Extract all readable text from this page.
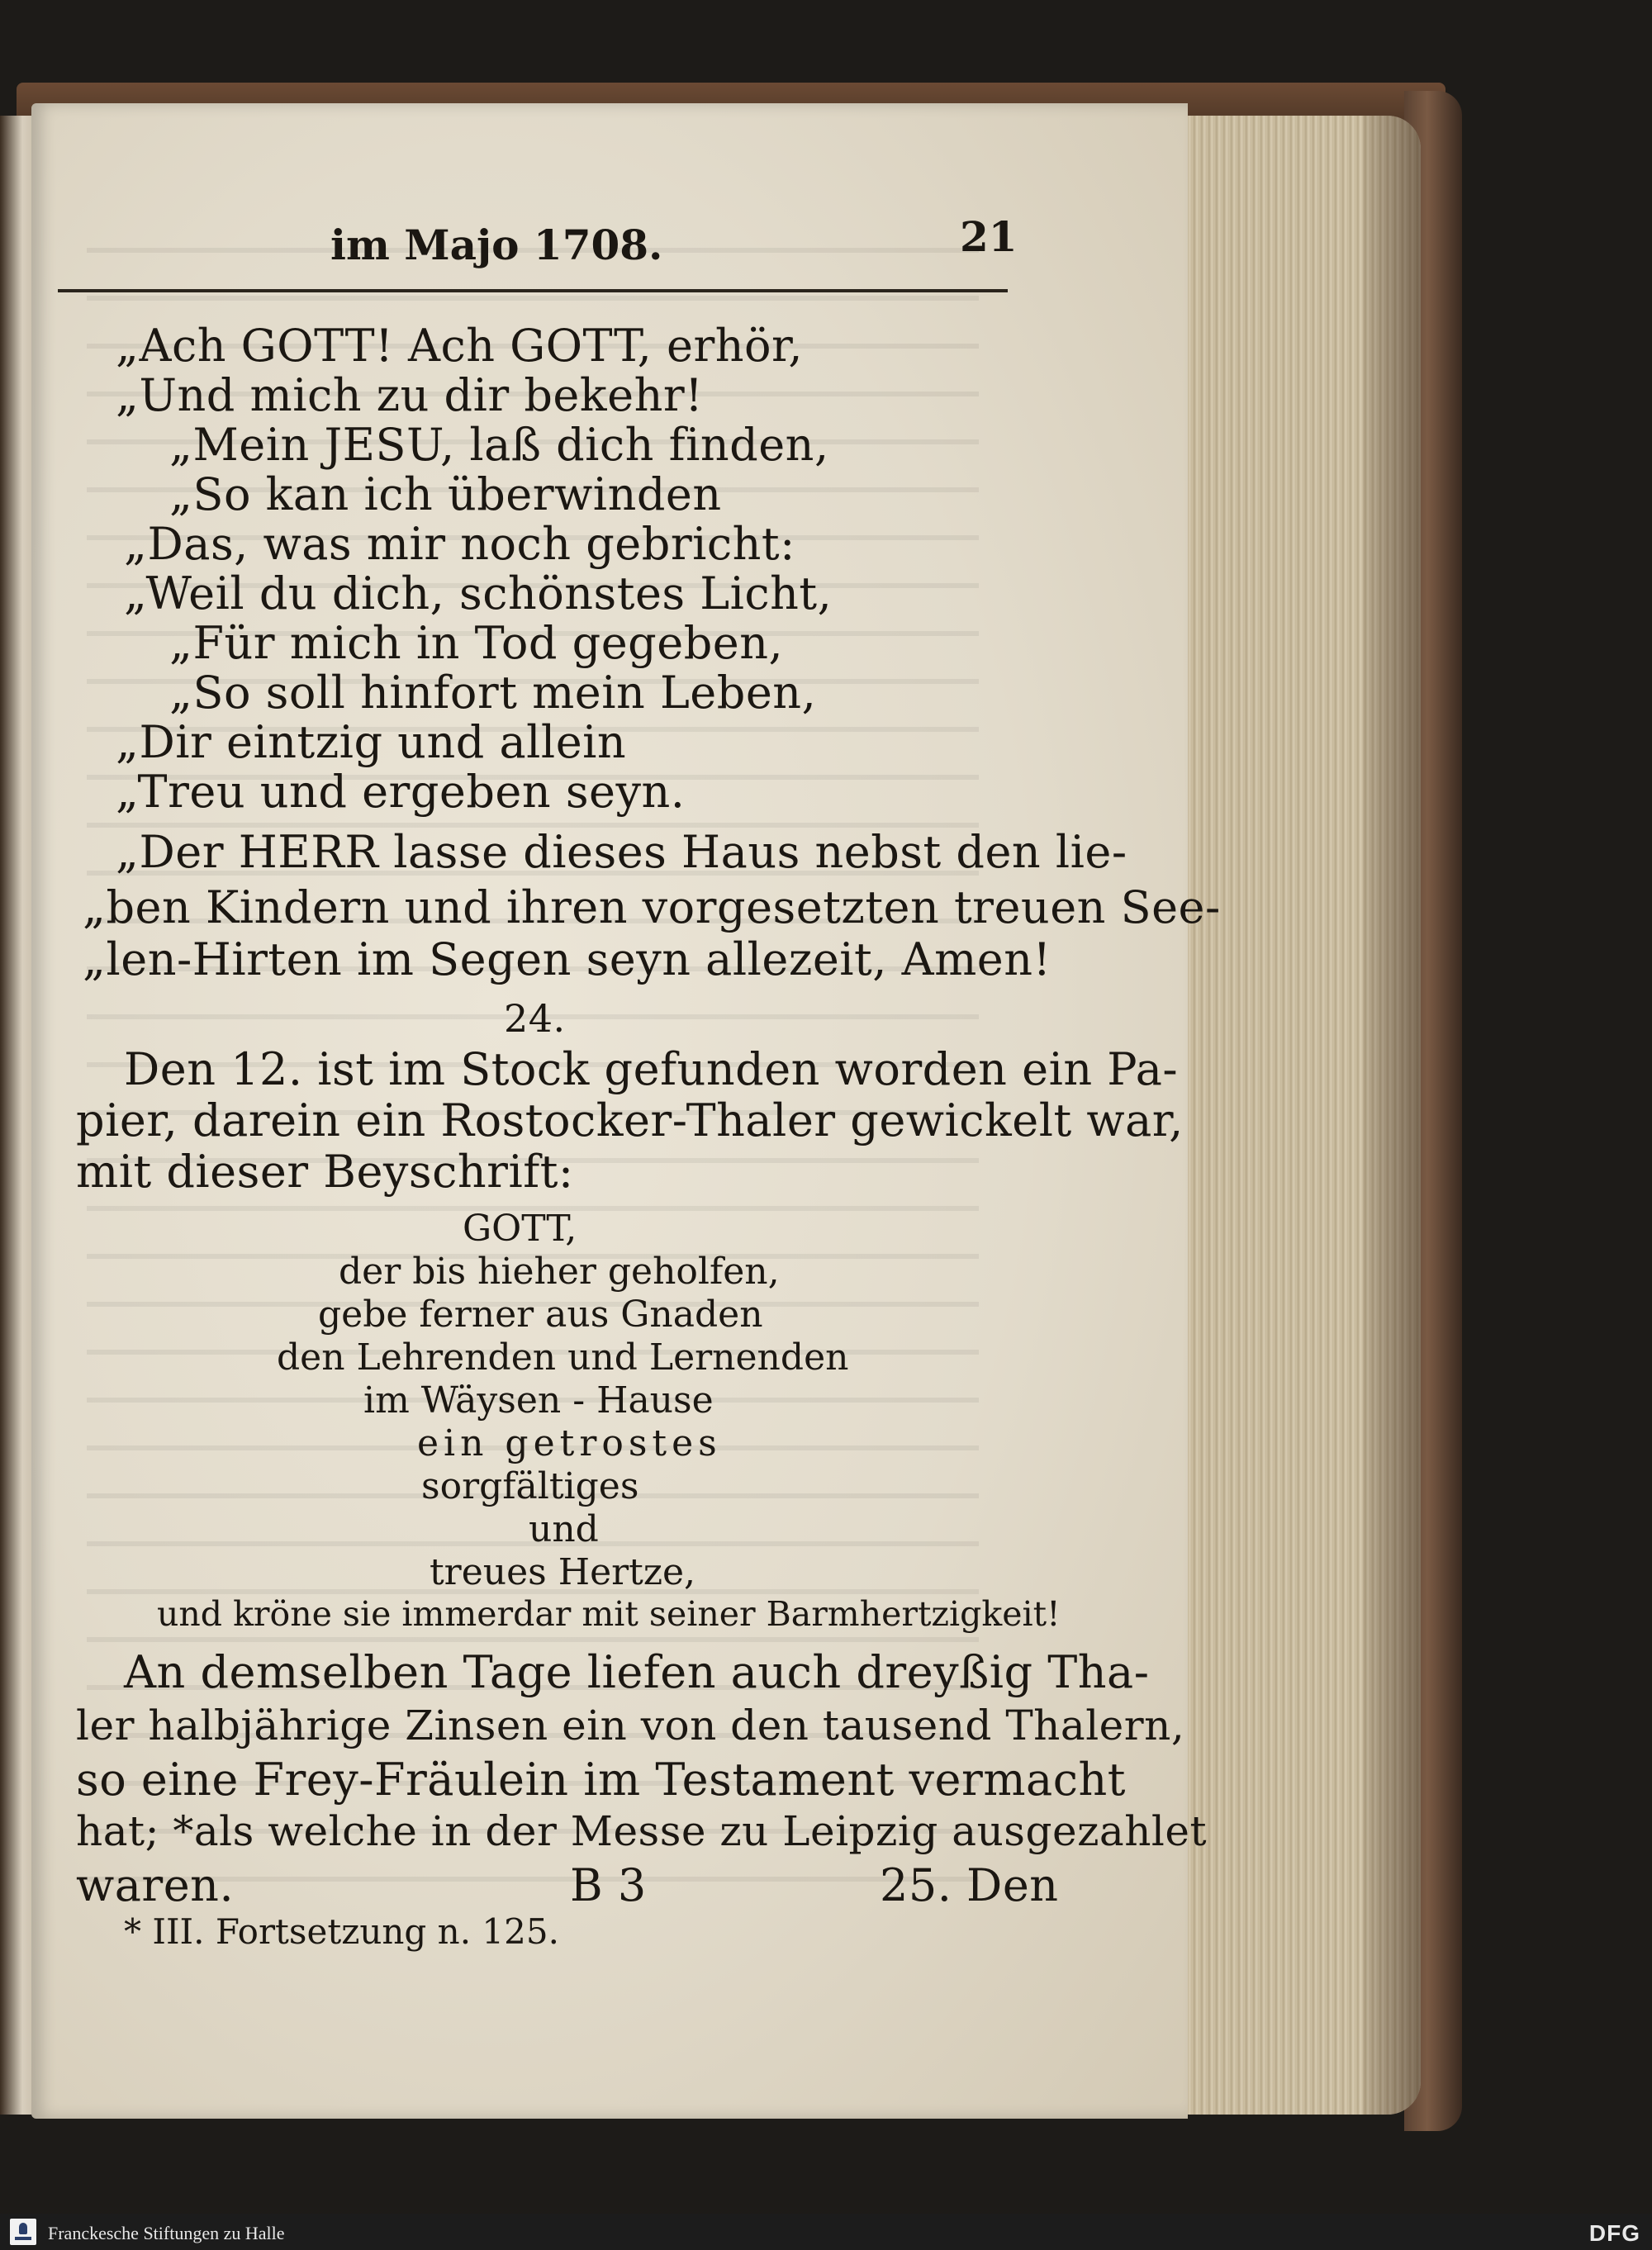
im Majo 1708.	21
„Ach GOTT! Ach GOTT, erhör,
„Und mich zu dir bekehr!
„Mein JESU, laß dich finden,
„So kan ich überwinden
„Das, was mir noch gebricht:
„Weil du dich, schönstes Licht,
„Für mich in Tod gegeben,
„So soll hinfort mein Leben,
„Dir eintzig und allein
„Treu und ergeben seyn.
„Der HERR lasse dieses Haus nebst den lie-
„ben Kindern und ihren vorgesetzten treuen See-
„len-Hirten im Segen seyn allezeit, Amen!
24.
Den 12. ist im Stock gefunden worden ein Pa-
pier, darein ein Rostocker-Thaler gewickelt war,
mit dieser Beyschrift:
GOTT,
der bis hieher geholfen,
gebe ferner aus Gnaden
den Lehrenden und Lernenden
im Wäysen - Hause
ein getrostes
sorgfältiges
und
treues Hertze,
und kröne sie immerdar mit seiner Barmhertzigkeit!
An demselben Tage liefen auch dreyßig Tha-
ler halbjährige Zinsen ein von den tausend Thalern,
so eine Frey-Fräulein im Testament vermacht
hat; *als welche in der Messe zu Leipzig ausgezahlet
waren.	B 3	25. Den
* III. Fortsetzung n. 125.
Franckesche Stiftungen zu Halle	DFG
